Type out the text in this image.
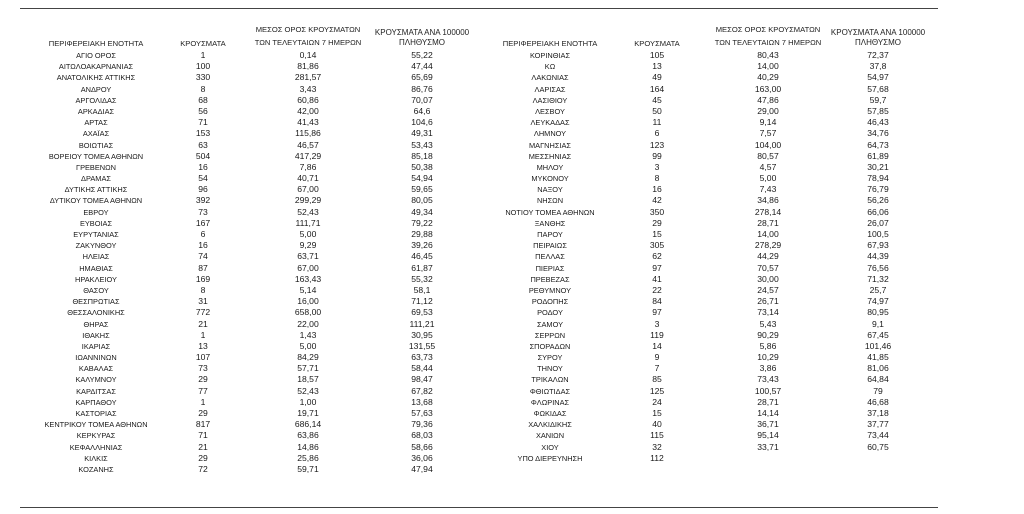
ΠΕΡΙΦΕΡΕΙΑΚΗ ΕΝΟΤΗΤΑ	ΚΡΟΥΣΜΑΤΑ
ΜΕΣΟΣ ΟΡΟΣ ΚΡΟΥΣΜΑΤΩΝ
ΤΩΝ ΤΕΛΕΥΤΑΙΩΝ 7 ΗΜΕΡΩΝ
ΚΡΟΥΣΜΑΤΑ ΑΝΑ 100000
ΠΛΗΘΥΣΜΟ	ΠΕΡΙΦΕΡΕΙΑΚΗ ΕΝΟΤΗΤΑ	ΚΡΟΥΣΜΑΤΑ
ΜΕΣΟΣ ΟΡΟΣ ΚΡΟΥΣΜΑΤΩΝ
ΤΩΝ ΤΕΛΕΥΤΑΙΩΝ 7 ΗΜΕΡΩΝ
ΚΡΟΥΣΜΑΤΑ ΑΝΑ 100000
ΠΛΗΘΥΣΜΟ
ΑΓΙΟ ΟΡΟΣ	1	0,14	55,22
ΑΙΤΩΛΟΑΚΑΡΝΑΝΙΑΣ	100	81,86	47,44
ΑΝΑΤΟΛΙΚΗΣ ΑΤΤΙΚΗΣ	330	281,57	65,69
ΑΝΔΡΟΥ	8	3,43	86,76
ΑΡΓΟΛΙΔΑΣ	68	60,86	70,07
ΑΡΚΑΔΙΑΣ	56	42,00	64,6
ΑΡΤΑΣ	71	41,43	104,6
ΑΧΑΪΑΣ	153	115,86	49,31
ΒΟΙΩΤΙΑΣ	63	46,57	53,43
ΒΟΡΕΙΟΥ ΤΟΜΕΑ ΑΘΗΝΩΝ	504	417,29	85,18
ΓΡΕΒΕΝΩΝ	16	7,86	50,38
ΔΡΑΜΑΣ	54	40,71	54,94
ΔΥΤΙΚΗΣ ΑΤΤΙΚΗΣ	96	67,00	59,65
ΔΥΤΙΚΟΥ ΤΟΜΕΑ ΑΘΗΝΩΝ	392	299,29	80,05
ΕΒΡΟΥ	73	52,43	49,34
ΕΥΒΟΙΑΣ	167	111,71	79,22
ΕΥΡΥΤΑΝΙΑΣ	6	5,00	29,88
ΖΑΚΥΝΘΟΥ	16	9,29	39,26
ΗΛΕΙΑΣ	74	63,71	46,45
ΗΜΑΘΙΑΣ	87	67,00	61,87
ΗΡΑΚΛΕΙΟΥ	169	163,43	55,32
ΘΑΣΟΥ	8	5,14	58,1
ΘΕΣΠΡΩΤΙΑΣ	31	16,00	71,12
ΘΕΣΣΑΛΟΝΙΚΗΣ	772	658,00	69,53
ΘΗΡΑΣ	21	22,00	111,21
ΙΘΑΚΗΣ	1	1,43	30,95
ΙΚΑΡΙΑΣ	13	5,00	131,55
ΙΩΑΝΝΙΝΩΝ	107	84,29	63,73
ΚΑΒΑΛΑΣ	73	57,71	58,44
ΚΑΛΥΜΝΟΥ	29	18,57	98,47
ΚΑΡΔΙΤΣΑΣ	77	52,43	67,82
ΚΑΡΠΑΘΟΥ	1	1,00	13,68
ΚΑΣΤΟΡΙΑΣ	29	19,71	57,63
ΚΕΝΤΡΙΚΟΥ ΤΟΜΕΑ ΑΘΗΝΩΝ	817	686,14	79,36
ΚΕΡΚΥΡΑΣ	71	63,86	68,03
ΚΕΦΑΛΛΗΝΙΑΣ	21	14,86	58,66
ΚΙΛΚΙΣ	29	25,86	36,06
ΚΟΖΑΝΗΣ	72	59,71	47,94
ΚΟΡΙΝΘΙΑΣ	105	80,43	72,37
ΚΩ	13	14,00	37,8
ΛΑΚΩΝΙΑΣ	49	40,29	54,97
ΛΑΡΙΣΑΣ	164	163,00	57,68
ΛΑΣΙΘΙΟΥ	45	47,86	59,7
ΛΕΣΒΟΥ	50	29,00	57,85
ΛΕΥΚΑΔΑΣ	11	9,14	46,43
ΛΗΜΝΟΥ	6	7,57	34,76
ΜΑΓΝΗΣΙΑΣ	123	104,00	64,73
ΜΕΣΣΗΝΙΑΣ	99	80,57	61,89
ΜΗΛΟΥ	3	4,57	30,21
ΜΥΚΟΝΟΥ	8	5,00	78,94
ΝΑΞΟΥ	16	7,43	76,79
ΝΗΣΩΝ	42	34,86	56,26
ΝΟΤΙΟΥ ΤΟΜΕΑ ΑΘΗΝΩΝ	350	278,14	66,06
ΞΑΝΘΗΣ	29	28,71	26,07
ΠΑΡΟΥ	15	14,00	100,5
ΠΕΙΡΑΙΩΣ	305	278,29	67,93
ΠΕΛΛΑΣ	62	44,29	44,39
ΠΙΕΡΙΑΣ	97	70,57	76,56
ΠΡΕΒΕΖΑΣ	41	30,00	71,32
ΡΕΘΥΜΝΟΥ	22	24,57	25,7
ΡΟΔΟΠΗΣ	84	26,71	74,97
ΡΟΔΟΥ	97	73,14	80,95
ΣΑΜΟΥ	3	5,43	9,1
ΣΕΡΡΩΝ	119	90,29	67,45
ΣΠΟΡΑΔΩΝ	14	5,86	101,46
ΣΥΡΟΥ	9	10,29	41,85
ΤΗΝΟΥ	7	3,86	81,06
ΤΡΙΚΑΛΩΝ	85	73,43	64,84
ΦΘΙΩΤΙΔΑΣ	125	100,57	79
ΦΛΩΡΙΝΑΣ	24	28,71	46,68
ΦΩΚΙΔΑΣ	15	14,14	37,18
ΧΑΛΚΙΔΙΚΗΣ	40	36,71	37,77
ΧΑΝΙΩΝ	115	95,14	73,44
ΧΙΟΥ	32	33,71	60,75
ΥΠΟ ΔΙΕΡΕΥΝΗΣΗ	112
